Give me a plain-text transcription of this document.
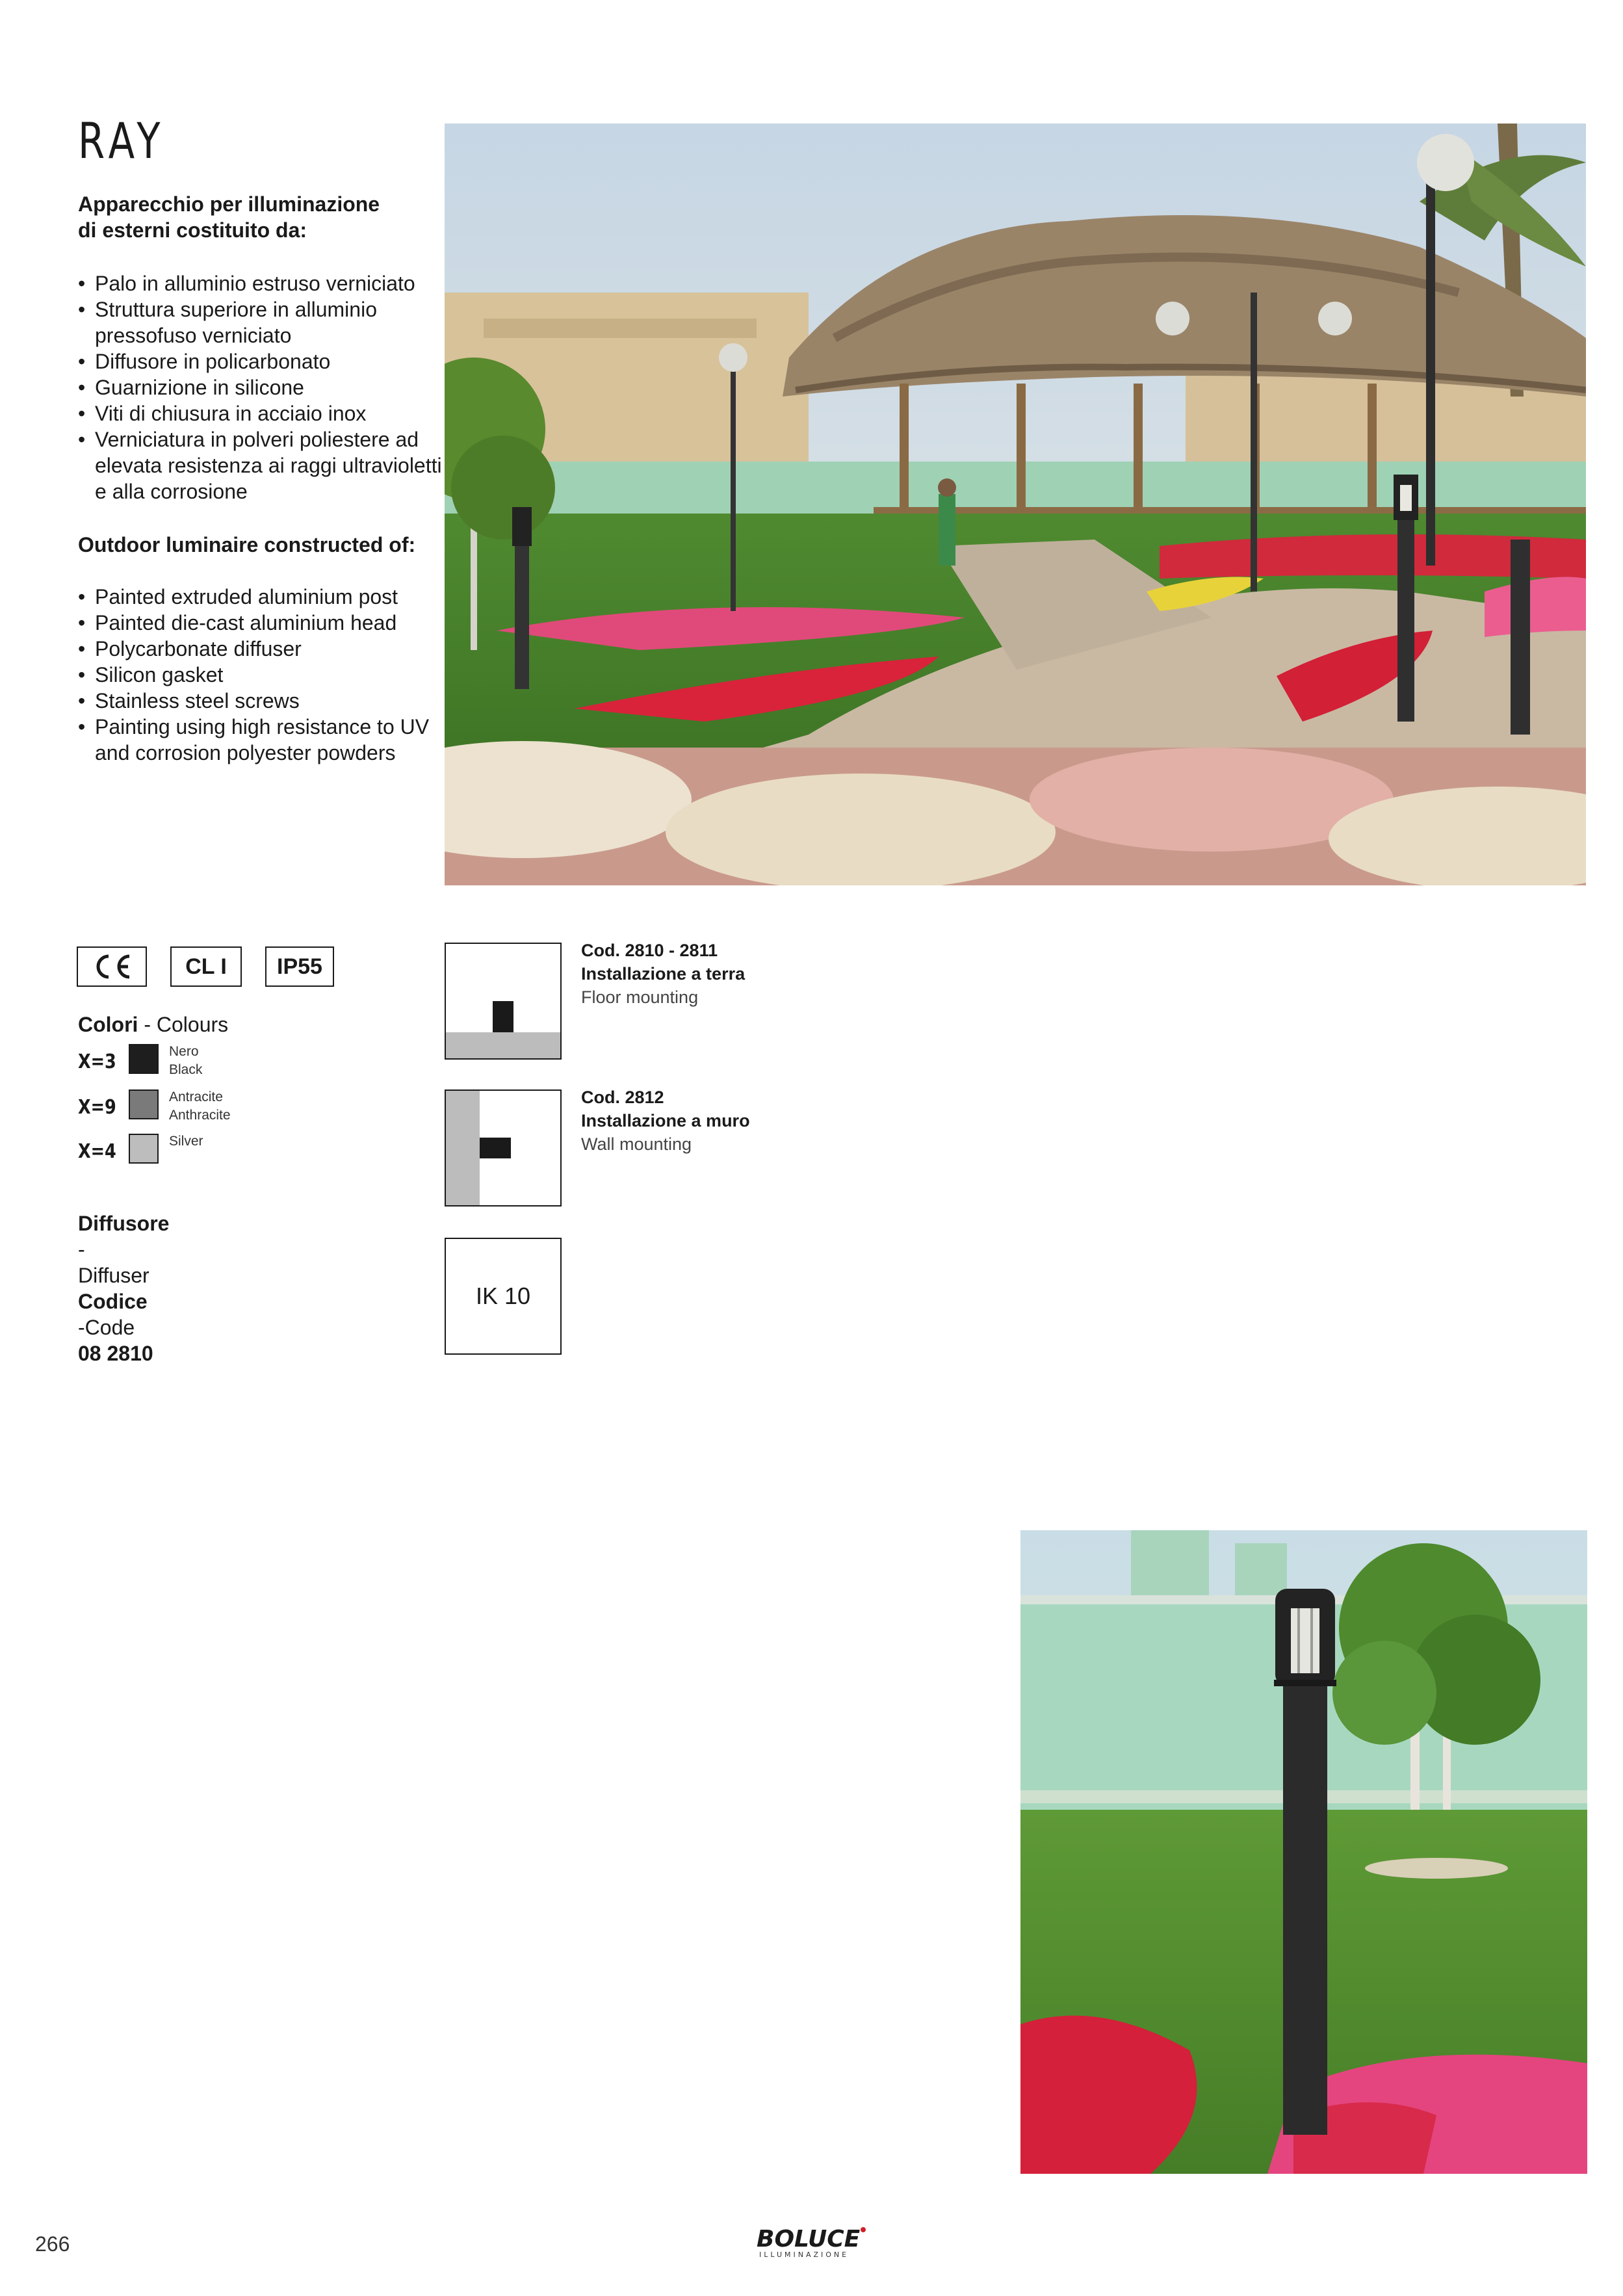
RAY
Apparecchio per illuminazione
di esterni costituito da:
• Palo in alluminio estruso verniciato
• Struttura superiore in alluminio pressofuso verniciato
• Diffusore in policarbonato
• Guarnizione in silicone
• Viti di chiusura in acciaio inox
• Verniciatura in polveri poliestere ad elevata resistenza ai raggi ultravioletti e alla corrosione
Outdoor luminaire constructed of:
• Painted extruded aluminium post
• Painted die-cast aluminium head
• Polycarbonate diffuser
• Silicon gasket
• Stainless steel screws
• Painting using high resistance to UV and corrosion polyester powders
CL I	IP55
Colori - Colours
X=3	Nero
Black
X=9	Antracite
Anthracite
X=4	Silver
Diffusore
-
Diffuser
Codice
-Code
08 2810
Cod. 2810 - 2811
Installazione a terra
Floor mounting
Cod. 2812
Installazione a muro
Wall mounting
IK 10
266	BOLUCE
ILLUMINAZIONE
